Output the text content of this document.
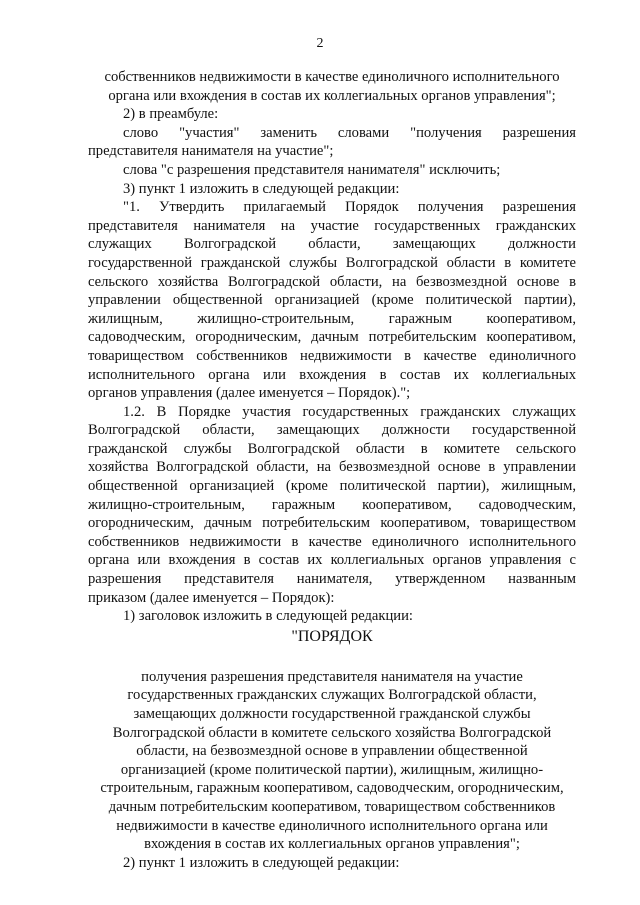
2
собственников недвижимости в качестве единоличного исполнительного
органа или вхождения в состав их коллегиальных органов управления";
2) в преамбуле:
слово "участия" заменить словами "получения разрешения
представителя нанимателя на участие";
слова "с разрешения представителя нанимателя" исключить;
3) пункт 1 изложить в следующей редакции:
"1. Утвердить прилагаемый Порядок получения разрешения
представителя нанимателя на участие государственных гражданских
служащих Волгоградской области, замещающих должности
государственной гражданской службы Волгоградской области в комитете
сельского хозяйства Волгоградской области, на безвозмездной основе в
управлении общественной организацией (кроме политической партии),
жилищным, жилищно-строительным, гаражным кооперативом,
садоводческим, огородническим, дачным потребительским кооперативом,
товариществом собственников недвижимости в качестве единоличного
исполнительного органа или вхождения в состав их коллегиальных
органов управления (далее именуется – Порядок).";
1.2. В Порядке участия государственных гражданских служащих
Волгоградской области, замещающих должности государственной
гражданской службы Волгоградской области в комитете сельского
хозяйства Волгоградской области, на безвозмездной основе в управлении
общественной организацией (кроме политической партии), жилищным,
жилищно-строительным, гаражным кооперативом, садоводческим,
огородническим, дачным потребительским кооперативом, товариществом
собственников недвижимости в качестве единоличного исполнительного
органа или вхождения в состав их коллегиальных органов управления с
разрешения представителя нанимателя, утвержденном названным
приказом (далее именуется – Порядок):
1) заголовок изложить в следующей редакции:
"ПОРЯДОК
получения разрешения представителя нанимателя на участие
государственных гражданских служащих Волгоградской области,
замещающих должности государственной гражданской службы
Волгоградской области в комитете сельского хозяйства Волгоградской
области, на безвозмездной основе в управлении общественной
организацией (кроме политической партии), жилищным, жилищно-
строительным, гаражным кооперативом, садоводческим, огородническим,
дачным потребительским кооперативом, товариществом собственников
недвижимости в качестве единоличного исполнительного органа или
вхождения в состав их коллегиальных органов управления";
2) пункт 1 изложить в следующей редакции:
